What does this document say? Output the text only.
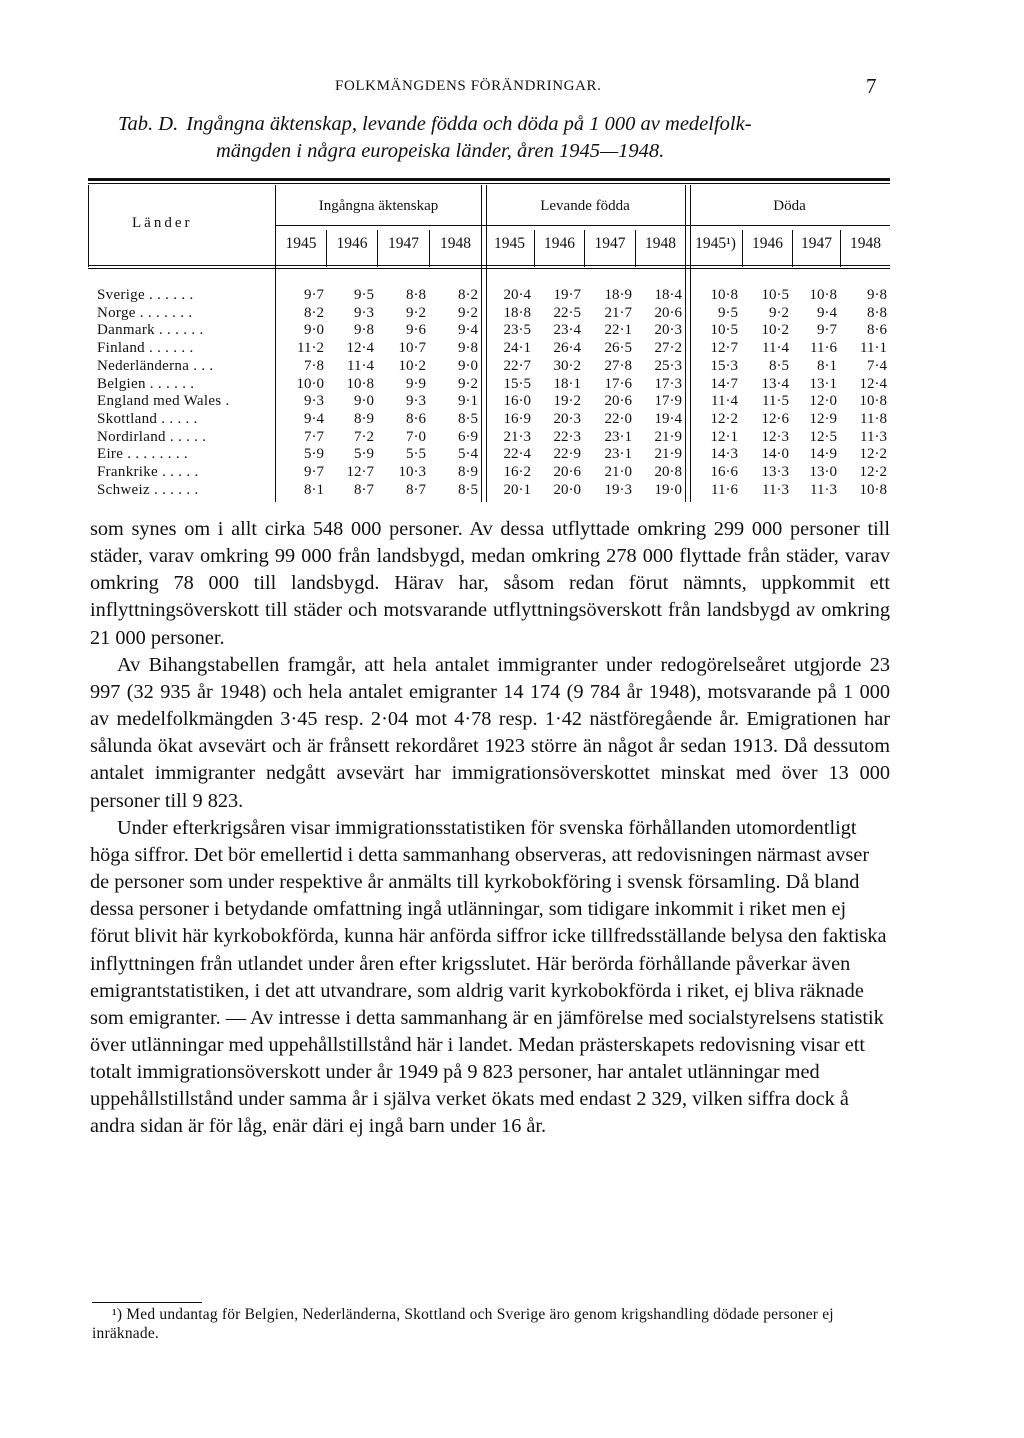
FOLKMÄNGDENS FÖRÄNDRINGAR.	7
Tab. D. Ingångna äktenskap, levande födda och döda på 1 000 av medelfolk-
mängden i några europeiska länder, åren 1945—1948.
Länder
Ingångna äktenskap	Levande födda	Döda
1945	1946	1947	1948	1945	1946	1947	1948	1945¹)	1946	1947	1948
Sverige . . . . . .	9·7	9·5	8·8	8·2	20·4	19·7	18·9	18·4	10·8	10·5	10·8	9·8
Norge . . . . . . .	8·2	9·3	9·2	9·2	18·8	22·5	21·7	20·6	9·5	9·2	9·4	8·8
Danmark . . . . . .	9·0	9·8	9·6	9·4	23·5	23·4	22·1	20·3	10·5	10·2	9·7	8·6
Finland . . . . . .	11·2	12·4	10·7	9·8	24·1	26·4	26·5	27·2	12·7	11·4	11·6	11·1
Nederländerna . . .	7·8	11·4	10·2	9·0	22·7	30·2	27·8	25·3	15·3	8·5	8·1	7·4
Belgien . . . . . .	10·0	10·8	9·9	9·2	15·5	18·1	17·6	17·3	14·7	13·4	13·1	12·4
England med Wales .	9·3	9·0	9·3	9·1	16·0	19·2	20·6	17·9	11·4	11·5	12·0	10·8
Skottland . . . . .	9·4	8·9	8·6	8·5	16·9	20·3	22·0	19·4	12·2	12·6	12·9	11·8
Nordirland . . . . .	7·7	7·2	7·0	6·9	21·3	22·3	23·1	21·9	12·1	12·3	12·5	11·3
Eire . . . . . . . .	5·9	5·9	5·5	5·4	22·4	22·9	23·1	21·9	14·3	14·0	14·9	12·2
Frankrike . . . . .	9·7	12·7	10·3	8·9	16·2	20·6	21·0	20·8	16·6	13·3	13·0	12·2
Schweiz . . . . . .	8·1	8·7	8·7	8·5	20·1	20·0	19·3	19·0	11·6	11·3	11·3	10·8

som synes om i allt cirka 548 000 personer. Av dessa utflyttade omkring 299 000 personer till städer, varav omkring 99 000 från landsbygd, medan omkring 278 000 flyttade från städer, varav omkring 78 000 till landsbygd. Härav har, såsom redan förut nämnts, uppkommit ett inflyttningsöverskott till städer och motsvarande utflyttningsöverskott från landsbygd av omkring 21 000 personer.

Av Bihangstabellen framgår, att hela antalet immigranter under redogörelseåret utgjorde 23 997 (32 935 år 1948) och hela antalet emigranter 14 174 (9 784 år 1948), motsvarande på 1 000 av medelfolkmängden 3·45 resp. 2·04 mot 4·78 resp. 1·42 nästföregående år. Emigrationen har sålunda ökat avsevärt och är frånsett rekordåret 1923 större än något år sedan 1913. Då dessutom antalet immigranter nedgått avsevärt har immigrationsöverskottet minskat med över 13 000 personer till 9 823.

Under efterkrigsåren visar immigrationsstatistiken för svenska förhållanden utomordentligt höga siffror. Det bör emellertid i detta sammanhang observeras, att redovisningen närmast avser de personer som under respektive år anmälts till kyrkobokföring i svensk församling. Då bland dessa personer i betydande omfattning ingå utlänningar, som tidigare inkommit i riket men ej förut blivit här kyrkobokförda, kunna här anförda siffror icke tillfredsställande belysa den faktiska inflyttningen från utlandet under åren efter krigsslutet. Här berörda förhållande påverkar även emigrantstatistiken, i det att utvandrare, som aldrig varit kyrkobokförda i riket, ej bliva räknade som emigranter. — Av intresse i detta sammanhang är en jämförelse med socialstyrelsens statistik över utlänningar med uppehållstillstånd här i landet. Medan prästerskapets redovisning visar ett totalt immigrationsöverskott under år 1949 på 9 823 personer, har antalet utlänningar med uppehållstillstånd under samma år i själva verket ökats med endast 2 329, vilken siffra dock å andra sidan är för låg, enär däri ej ingå barn under 16 år.

¹) Med undantag för Belgien, Nederländerna, Skottland och Sverige äro genom krigshandling dödade personer ej inräknade.
